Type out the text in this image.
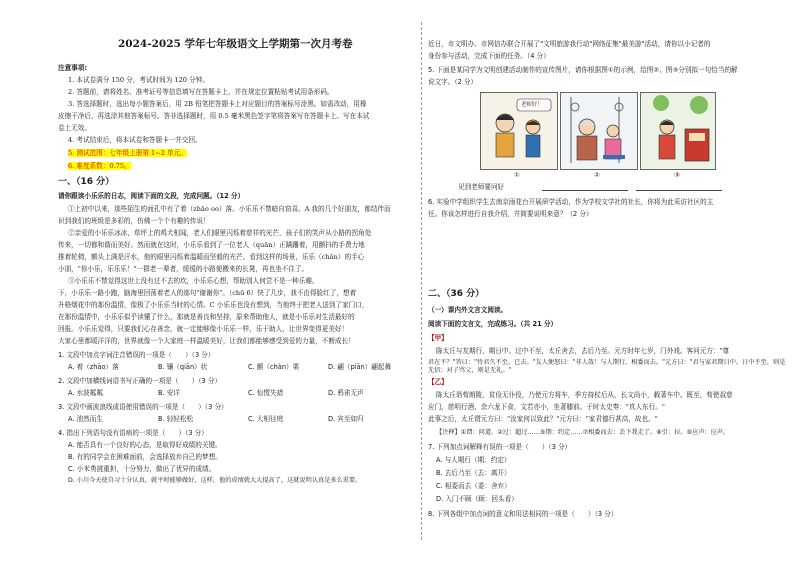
2024-2025 学年七年级语文上学期第一次月考卷
注意事项:
1. 本试卷满分 150 分，考试时间为 120 分钟。
2. 答题前，请将姓名、准考证号等信息填写在答题卡上，并在规定位置粘贴考试用条形码。
3. 答选择题时，选出每小题答案后，用 2B 铅笔把答题卡上对应题目的答案标号涂黑。如需改动，用橡
皮擦干净后，再选涂其他答案标号。答非选择题时，用 0.5 毫米黑色签字笔将答案写在答题卡上。写在本试
卷上无效。
4. 考试结束后，将本试卷和答题卡一并交回。
5. 测试范围：七年级上册第 1~2 单元。
6. 难度系数：0.75。
一、（16 分）
请你跟读小乐乐的日志，阅读下面的文段，完成问题。（12 分）
①上初中以来，那些陌生的面孔中有了着（zhāo oo）落。小乐乐不禁暗自窃喜。A 我的几个好朋友，都结伴而
识到我们的班级是多彩的，仿佛一个个有趣的传说！
②亲爱的小乐乐冰冰，草坪上的鸡犬相闻，老人们眼里闪烁着慈祥的光芒，孩子们的笑声从小路的拐角处
传来，一切都和谐而美好。然而就在这时，小乐乐看到了一位老人（quān）正蹒跚着，用颤抖的手费力地
推着轮椅，额头上满是汗水，他的眼里闪烁着温暖而坚毅的光芒。看到这样的场景，乐乐（chǎn）的手心
小朋，"你小乐，乐乐乐！"一群老一辈者，缓缓的小路便搬来的长凳，再也坐不住了。
③小乐乐不禁觉得这世上没有过不去的坎，小乐乐心想，帮助别人何尝不是一种乐趣。
下，小乐乐一路小跑，脑海里回荡着老人的那句"谢谢你"。（chū 6）快了几步，我不由得脸红了，想着
升格烟花中的那份温情，像极了小乐乐当时的心情。C 小乐乐也没有想到，当他终于把老人送到了家门口，
在那份温情中，小乐乐似乎读懂了什么，那就是善良和坚持，原来帮助他人，就是小乐乐对生活最好的
回报。小乐乐觉得，只要我们心存善念，就一定能够像小乐乐一样，乐于助人，让世界变得更美好！
大家心里都暖洋洋的，世界就像一个大家庭一样温暖美好，让我们都能够感受到爱的力量，不断成长！
1. 文段中加点字词注音错误的一项是（　　）（3 分）
A. 着（zhāo）落	B. 镶（qiān）状	C. 颤（chàn）栗	D. 翩（piān）翩起舞
2. 文段中加横线词语书写正确的一项是（　　）（3 分）
A. 水波粼粼	B. 安详	C. 惊慌失措	D. 鸦雀无声
3. 文段中画波浪线成语使用错误的一项是（　　）（3 分）
A. 油然而生	B. 轻轻松松	C. 大相径庭	D. 宾至如归
4. 指出下列语句没有语病的一项是（　　）（3 分）
A. 能否具有一个良好的心态，是取得好成绩的关键。
B. 有的同学会在困难面前，会选择放弃自己的梦想。
C. 小米勇挑重担，十分努力，做出了优异的成绩。
D. 小川今天使自习十分认真，就平时能够做好，这样，他的成绩就大大提高了，这就说明认真是多么重要。
近日，市文明办、市网信办联合开展了"文明旅游我行动"网络征集"最美游"活动，请你以小记者的
身份参与活动，完成下面的任务。（4 分）
5. 下面是某同学为文明创建活动制作的宣传图片，请你根据图①的示例，给图②、图③分别拟一句恰当的解
说文字。（2 分）
老师好！
①	②	③
见到老师要问好
6. 实验中学组织学生去南京雨花台开展研学活动，作为学校文学社的社长，你将为此采访社区的主
任。你该怎样进行自我介绍，并简要说明来意？（2 分）
二、（36 分）
（一）课内外文言文阅读。
阅读下面的文言文，完成练习。（共 21 分）
【甲】
陈太丘与友期行，期日中。过中不至，太丘舍去，去后乃至。元方时年七岁，门外戏。客问元方："尊
君在不？"答曰："待君久不至，已去。"友人便怒曰："非人哉！与人期行，相委而去。"元方曰："君与家君期日中。日中不至，则是无信；对子骂父，则是无礼。"
【乙】
陈太丘诣荀朗陵，贫俭无仆役，乃使元方将车，季方持杖后从，长文尚小，载著车中。既至，荀使叔慈
应门，慈明行酒，余六龙下食，文若亦小，坐著膝前。于时太史奏："真人东行。"
此事之后，太丘谓元方曰："汝家何以致此？"元方曰："家君德行甚高，故也。"
【注释】①谓：问道。②过：超过……⑤期：约定……⑦相委而去：丢下我走了。⑧引：拉。⑨应声：应声。
7. 下列加点词解释有误的一项是（　　）（3 分）
A. 与人期行（期：约定）
B. 去后乃至（去：离开）
C. 相委而去（委：舍弃）
D. 入门不顾（顾：回头看）
8. 下列各组中加点词的意义和用法相同的一项是（　　）（3 分）
